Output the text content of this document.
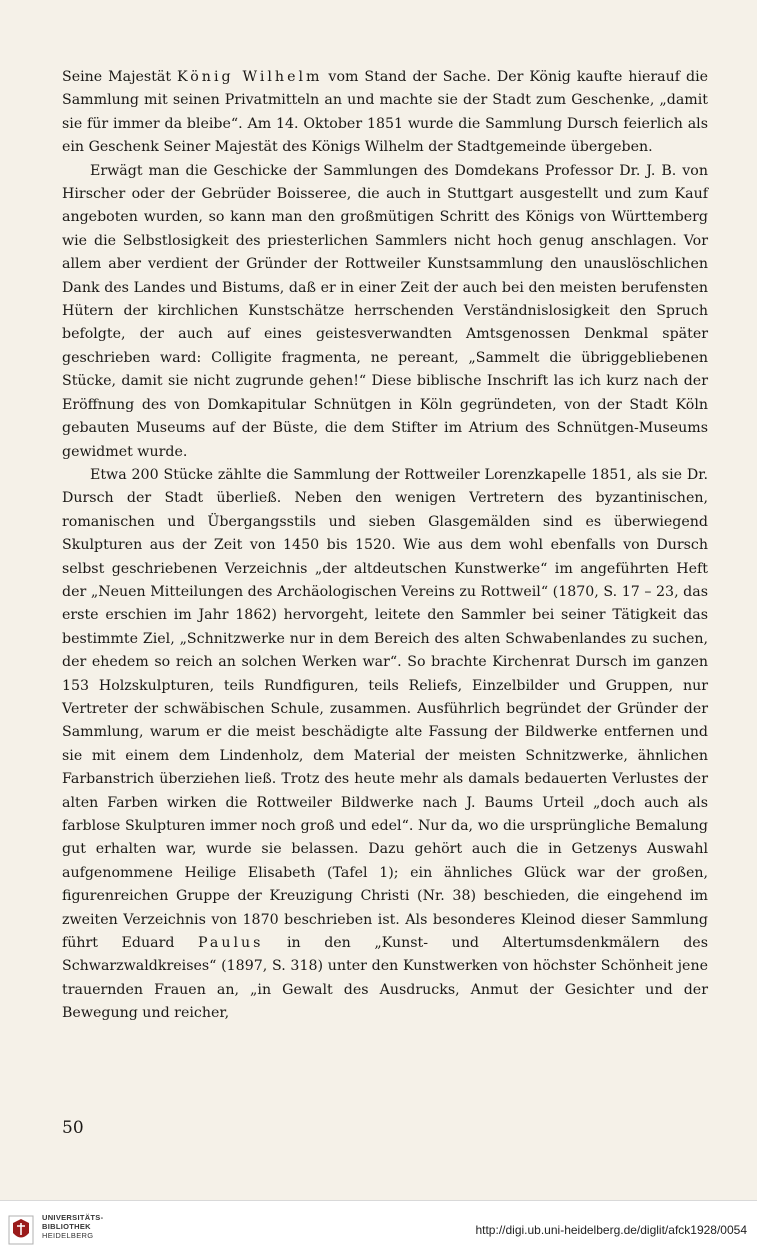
Seine Majestät König Wilhelm vom Stand der Sache. Der König kaufte hierauf die Sammlung mit seinen Privatmitteln an und machte sie der Stadt zum Geschenke, „damit sie für immer da bleibe“. Am 14. Oktober 1851 wurde die Sammlung Dursch feierlich als ein Geschenk Seiner Majestät des Königs Wilhelm der Stadtgemeinde übergeben.

Erwägt man die Geschicke der Sammlungen des Domdekans Professor Dr. J. B. von Hirscher oder der Gebrüder Boisseree, die auch in Stuttgart ausgestellt und zum Kauf angeboten wurden, so kann man den großmütigen Schritt des Königs von Württemberg wie die Selbstlosigkeit des priesterlichen Sammlers nicht hoch genug anschlagen. Vor allem aber verdient der Gründer der Rottweiler Kunstsammlung den unauslöschlichen Dank des Landes und Bistums, daß er in einer Zeit der auch bei den meisten berufensten Hütern der kirchlichen Kunstschätze herrschenden Verständnislosigkeit den Spruch befolgte, der auch auf eines geistesverwandten Amtsgenossen Denkmal später geschrieben ward: Colligite fragmenta, ne pereant, „Sammelt die übriggebliebenen Stücke, damit sie nicht zugrunde gehen!“ Diese biblische Inschrift las ich kurz nach der Eröffnung des von Domkapitular Schnütgen in Köln gegründeten, von der Stadt Köln gebauten Museums auf der Büste, die dem Stifter im Atrium des Schnütgen-Museums gewidmet wurde.

Etwa 200 Stücke zählte die Sammlung der Rottweiler Lorenzkapelle 1851, als sie Dr. Dursch der Stadt überließ. Neben den wenigen Vertretern des byzantinischen, romanischen und Übergangsstils und sieben Glasgemälden sind es überwiegend Skulpturen aus der Zeit von 1450 bis 1520. Wie aus dem wohl ebenfalls von Dursch selbst geschriebenen Verzeichnis „der altdeutschen Kunstwerke“ im angeführten Heft der „Neuen Mitteilungen des Archäologischen Vereins zu Rottweil“ (1870, S. 17 – 23, das erste erschien im Jahr 1862) hervorgeht, leitete den Sammler bei seiner Tätigkeit das bestimmte Ziel, „Schnitzwerke nur in dem Bereich des alten Schwabenlandes zu suchen, der ehedem so reich an solchen Werken war“. So brachte Kirchenrat Dursch im ganzen 153 Holzskulpturen, teils Rundfiguren, teils Reliefs, Einzelbilder und Gruppen, nur Vertreter der schwäbischen Schule, zusammen. Ausführlich begründet der Gründer der Sammlung, warum er die meist beschädigte alte Fassung der Bildwerke entfernen und sie mit einem dem Lindenholz, dem Material der meisten Schnitzwerke, ähnlichen Farbanstrich überziehen ließ. Trotz des heute mehr als damals bedauerten Verlustes der alten Farben wirken die Rottweiler Bildwerke nach J. Baums Urteil „doch auch als farblose Skulpturen immer noch groß und edel“. Nur da, wo die ursprüngliche Bemalung gut erhalten war, wurde sie belassen. Dazu gehört auch die in Getzenys Auswahl aufgenommene Heilige Elisabeth (Tafel 1); ein ähnliches Glück war der großen, figurenreichen Gruppe der Kreuzigung Christi (Nr. 38) beschieden, die eingehend im zweiten Verzeichnis von 1870 beschrieben ist. Als besonderes Kleinod dieser Sammlung führt Eduard Paulus in den „Kunst- und Altertumsdenkmälern des Schwarzwaldkreises“ (1897, S. 318) unter den Kunstwerken von höchster Schönheit jene trauernden Frauen an, „in Gewalt des Ausdrucks, Anmut der Gesichter und der Bewegung und reicher,

50
UNIVERSITÄTS-
BIBLIOTHEK
HEIDELBERG	http://digi.ub.uni-heidelberg.de/diglit/afck1928/0054
